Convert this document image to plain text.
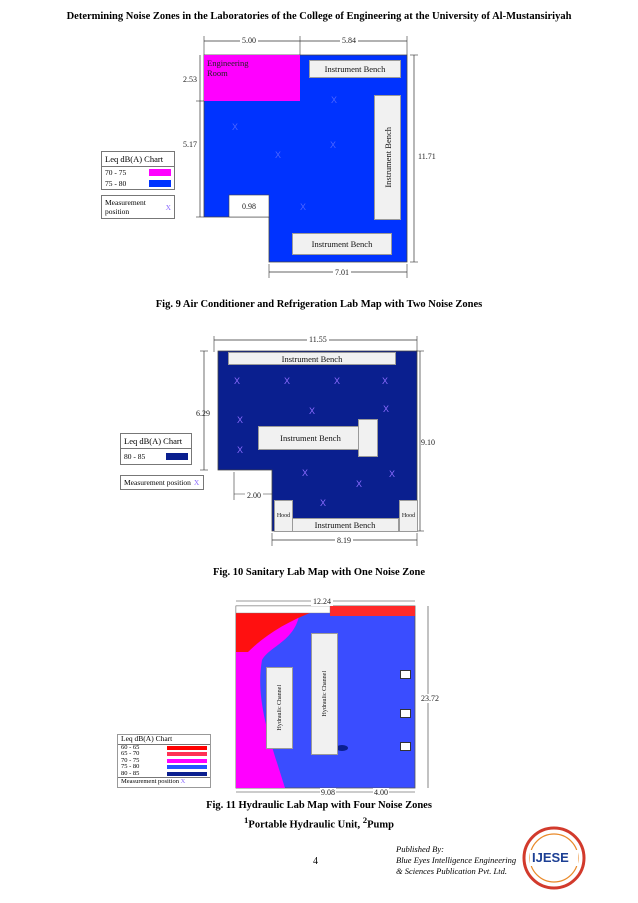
Determining Noise Zones in the Laboratories of the College of Engineering at the University of Al-Mustansiriyah
5.00	5.84
2.53
5.17
11.71
0.98
7.01
Engineering Room	Instrument Bench
Instrument Bench
Instrument Bench
X
X
X
X
X
Leq dB(A) Chart
70 - 75
75 - 80
Measurement position	X
Fig. 9 Air Conditioner and Refrigeration Lab Map with Two Noise Zones
11.55
6.29
9.10
2.00
8.19
Instrument Bench
Instrument Bench
Instrument Bench
Hood	Hood
X	X	X	X
X
X	X
X
X
X
X
X
Leq dB(A) Chart
80 - 85
Measurement position X
Fig. 10 Sanitary Lab Map with One Noise Zone
12.24
23.72
9.08	4.00
Hydraulic Channel	Hydraulic Channel
Leq dB(A) Chart
60 - 65
65 - 70
70 - 75
75 - 80
80 - 85
Measurement position X
Fig. 11 Hydraulic Lab Map with Four Noise Zones
$^1$Portable Hydraulic Unit, $^2$Pump
4
Published By:
Blue Eyes Intelligence Engineering
& Sciences Publication Pvt. Ltd.
IJESE
